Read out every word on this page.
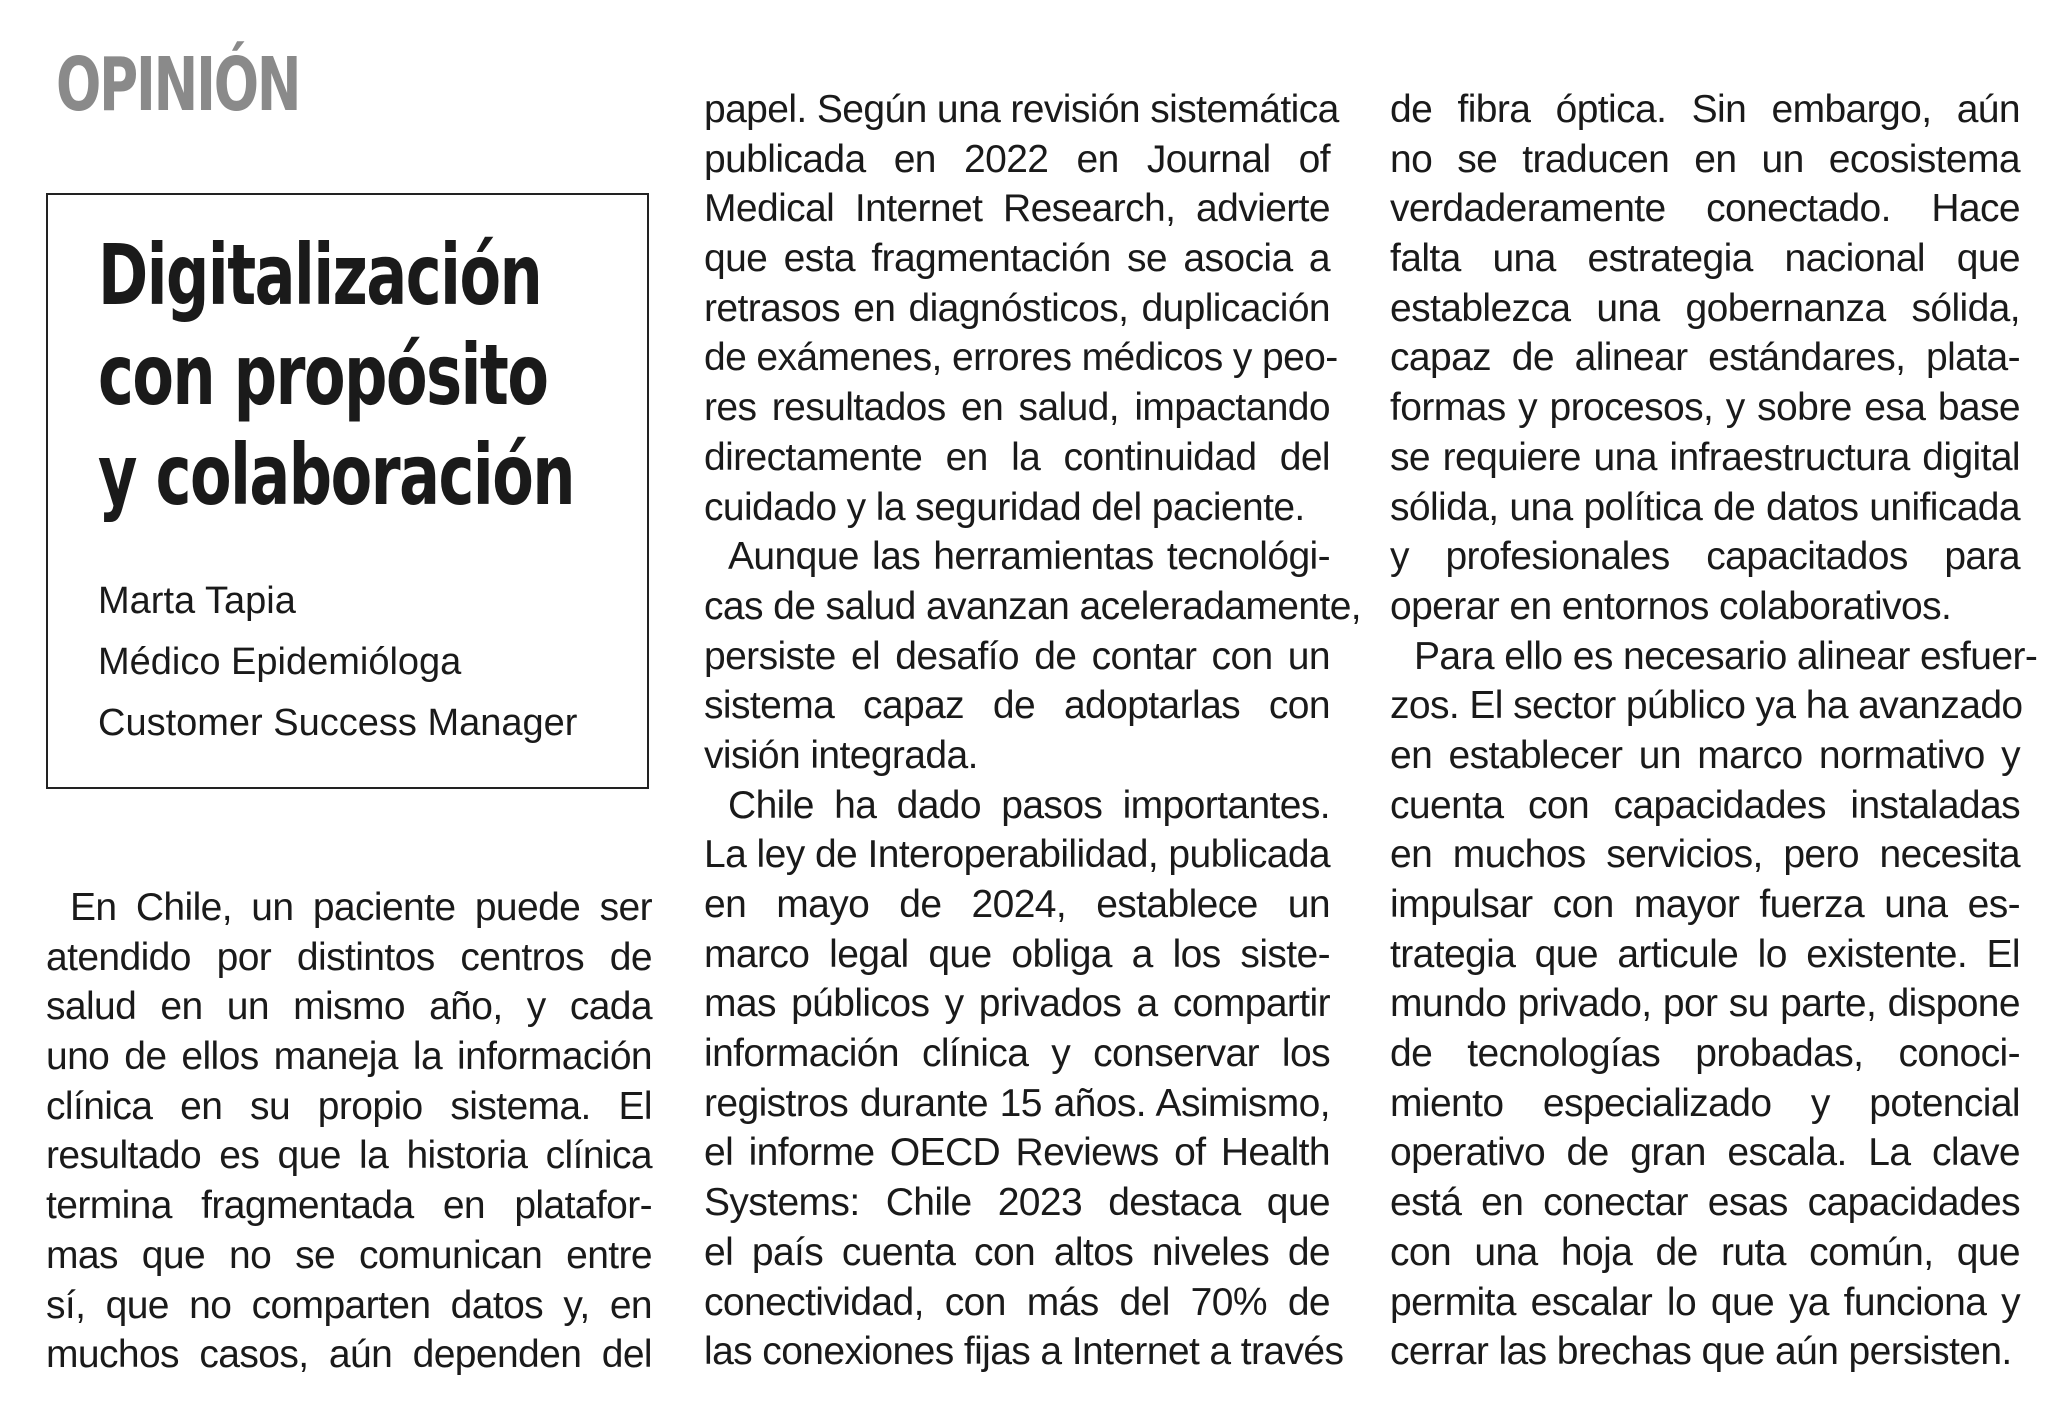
OPINIÓN
Digitalización
con propósito
y colaboración
Marta Tapia
Médico Epidemióloga
Customer Success Manager
En Chile, un paciente puede ser
atendido por distintos centros de
salud en un mismo año, y cada
uno de ellos maneja la información
clínica en su propio sistema. El
resultado es que la historia clínica
termina fragmentada en platafor-
mas que no se comunican entre
sí, que no comparten datos y, en
muchos casos, aún dependen del
papel. Según una revisión sistemática
publicada en 2022 en Journal of
Medical Internet Research, advierte
que esta fragmentación se asocia a
retrasos en diagnósticos, duplicación
de exámenes, errores médicos y peo-
res resultados en salud, impactando
directamente en la continuidad del
cuidado y la seguridad del paciente.
Aunque las herramientas tecnológi-
cas de salud avanzan aceleradamente,
persiste el desafío de contar con un
sistema capaz de adoptarlas con
visión integrada.
Chile ha dado pasos importantes.
La ley de Interoperabilidad, publicada
en mayo de 2024, establece un
marco legal que obliga a los siste-
mas públicos y privados a compartir
información clínica y conservar los
registros durante 15 años. Asimismo,
el informe OECD Reviews of Health
Systems: Chile 2023 destaca que
el país cuenta con altos niveles de
conectividad, con más del 70% de
las conexiones fijas a Internet a través
de fibra óptica. Sin embargo, aún
no se traducen en un ecosistema
verdaderamente conectado. Hace
falta una estrategia nacional que
establezca una gobernanza sólida,
capaz de alinear estándares, plata-
formas y procesos, y sobre esa base
se requiere una infraestructura digital
sólida, una política de datos unificada
y profesionales capacitados para
operar en entornos colaborativos.
Para ello es necesario alinear esfuer-
zos. El sector público ya ha avanzado
en establecer un marco normativo y
cuenta con capacidades instaladas
en muchos servicios, pero necesita
impulsar con mayor fuerza una es-
trategia que articule lo existente. El
mundo privado, por su parte, dispone
de tecnologías probadas, conoci-
miento especializado y potencial
operativo de gran escala. La clave
está en conectar esas capacidades
con una hoja de ruta común, que
permita escalar lo que ya funciona y
cerrar las brechas que aún persisten.
